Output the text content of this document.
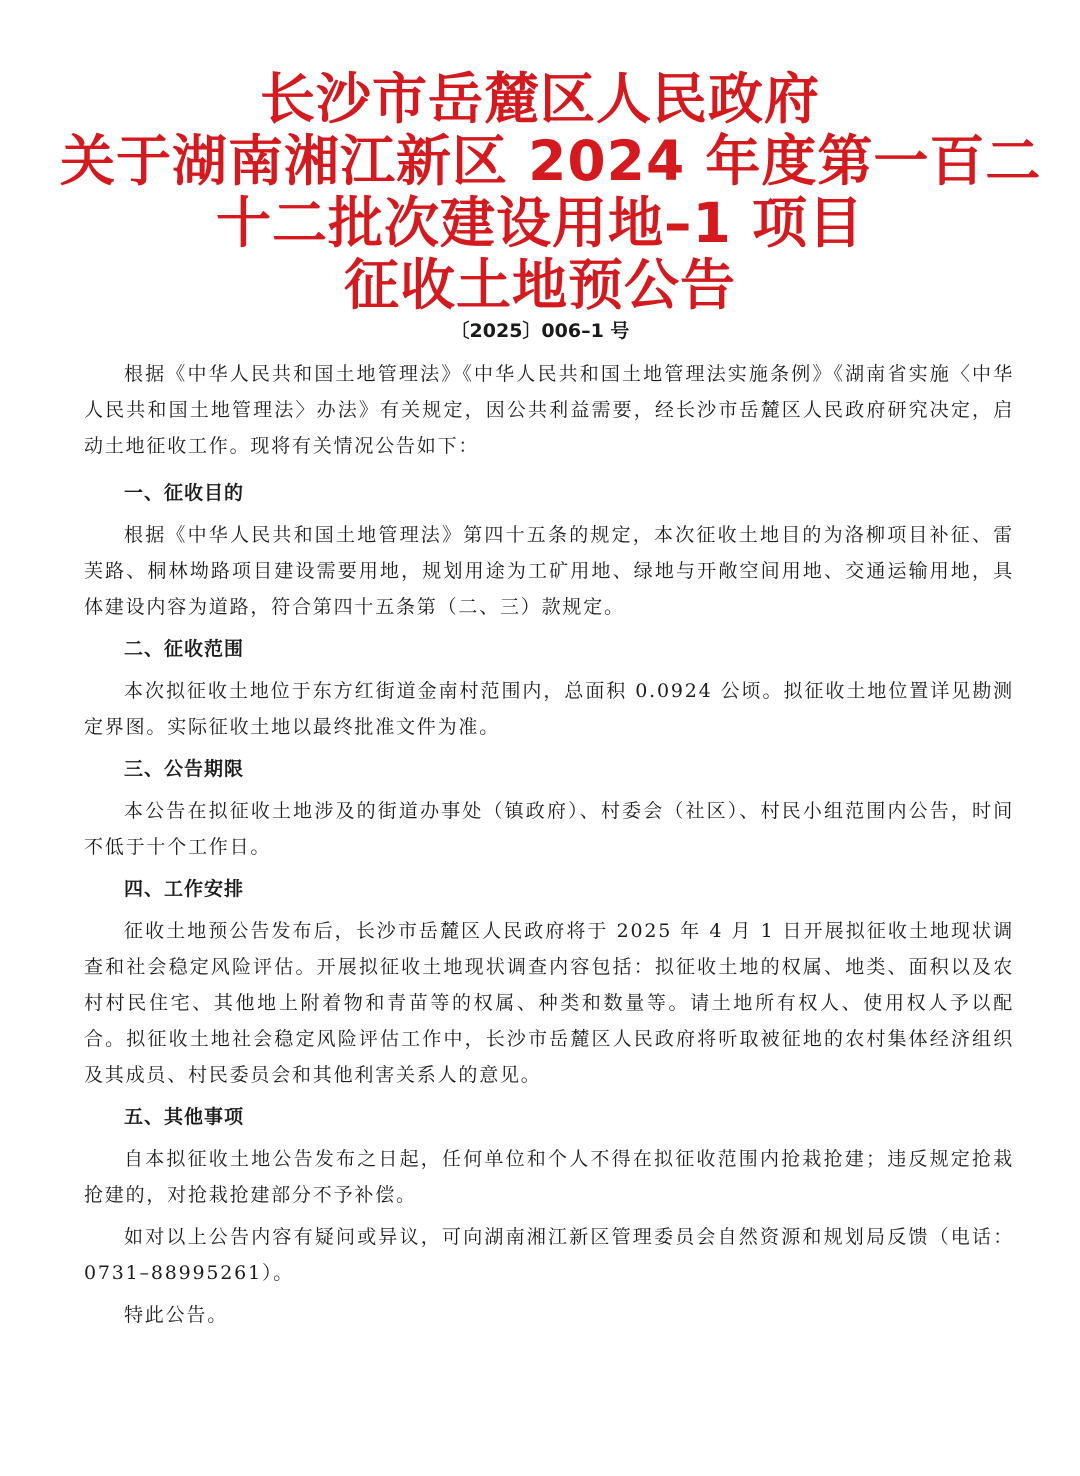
长沙市岳麓区人民政府
关于湖南湘江新区 2024 年度第一百二
十二批次建设用地–1 项目
征收土地预公告
〔2025〕006–1 号

根据《中华人民共和国土地管理法》《中华人民共和国土地管理法实施条例》《湖南省实施〈中华人民共和国土地管理法〉办法》有关规定，因公共利益需要，经长沙市岳麓区人民政府研究决定，启动土地征收工作。现将有关情况公告如下：

一、征收目的

根据《中华人民共和国土地管理法》第四十五条的规定，本次征收土地目的为洛柳项目补征、雷芙路、桐林坳路项目建设需要用地，规划用途为工矿用地、绿地与开敞空间用地、交通运输用地，具体建设内容为道路，符合第四十五条第（二、三）款规定。

二、征收范围

本次拟征收土地位于东方红街道金南村范围内，总面积 0.0924 公顷。拟征收土地位置详见勘测定界图。实际征收土地以最终批准文件为准。

三、公告期限

本公告在拟征收土地涉及的街道办事处（镇政府）、村委会（社区）、村民小组范围内公告，时间不低于十个工作日。

四、工作安排

征收土地预公告发布后，长沙市岳麓区人民政府将于 2025 年 4 月 1 日开展拟征收土地现状调查和社会稳定风险评估。开展拟征收土地现状调查内容包括：拟征收土地的权属、地类、面积以及农村村民住宅、其他地上附着物和青苗等的权属、种类和数量等。请土地所有权人、使用权人予以配合。拟征收土地社会稳定风险评估工作中，长沙市岳麓区人民政府将听取被征地的农村集体经济组织及其成员、村民委员会和其他利害关系人的意见。

五、其他事项

自本拟征收土地公告发布之日起，任何单位和个人不得在拟征收范围内抢栽抢建；违反规定抢栽抢建的，对抢栽抢建部分不予补偿。

如对以上公告内容有疑问或异议，可向湖南湘江新区管理委员会自然资源和规划局反馈（电话：0731–88995261）。

特此公告。
